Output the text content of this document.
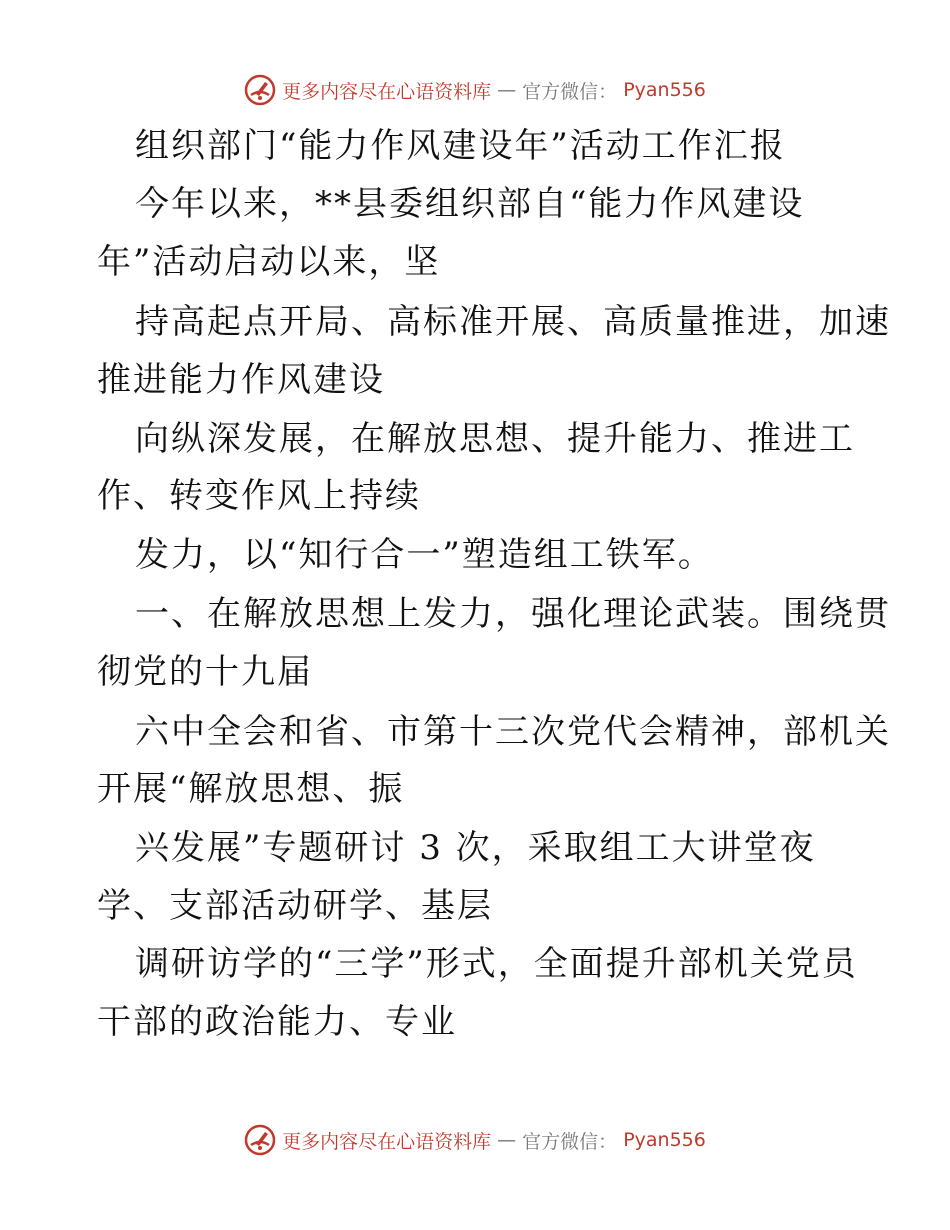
更多内容尽在心语资料库 — 官方微信： Pyan556
组织部门“能力作风建设年”活动工作汇报
今年以来，**县委组织部自“能力作风建设
年”活动启动以来，坚
持高起点开局、高标准开展、高质量推进，加速
推进能力作风建设
向纵深发展，在解放思想、提升能力、推进工
作、转变作风上持续
发力，以“知行合一”塑造组工铁军。
一、在解放思想上发力，强化理论武装。围绕贯
彻党的十九届
六中全会和省、市第十三次党代会精神，部机关
开展“解放思想、振
兴发展”专题研讨 3 次，采取组工大讲堂夜
学、支部活动研学、基层
调研访学的“三学”形式，全面提升部机关党员
干部的政治能力、专业
更多内容尽在心语资料库 — 官方微信： Pyan556
